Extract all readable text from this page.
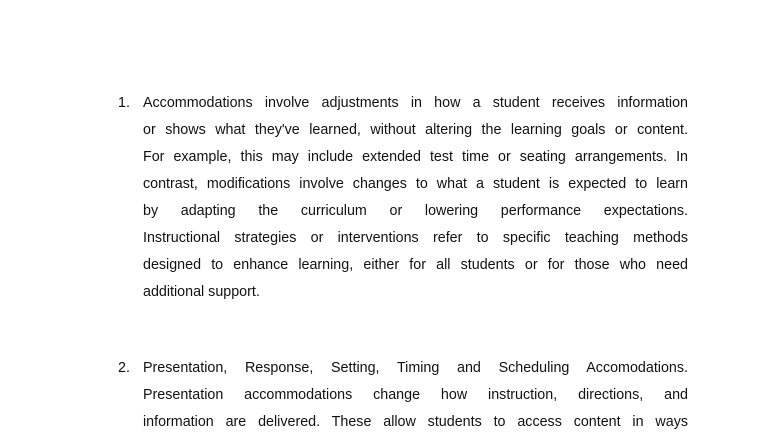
1. Accommodations involve adjustments in how a student receives information
or shows what they've learned, without altering the learning goals or content.
For example, this may include extended test time or seating arrangements. In
contrast, modifications involve changes to what a student is expected to learn
by adapting the curriculum or lowering performance expectations.
Instructional strategies or interventions refer to specific teaching methods
designed to enhance learning, either for all students or for those who need
additional support.

2. Presentation, Response, Setting, Timing and Scheduling Accomodations.
Presentation accommodations change how instruction, directions, and
information are delivered. These allow students to access content in ways
